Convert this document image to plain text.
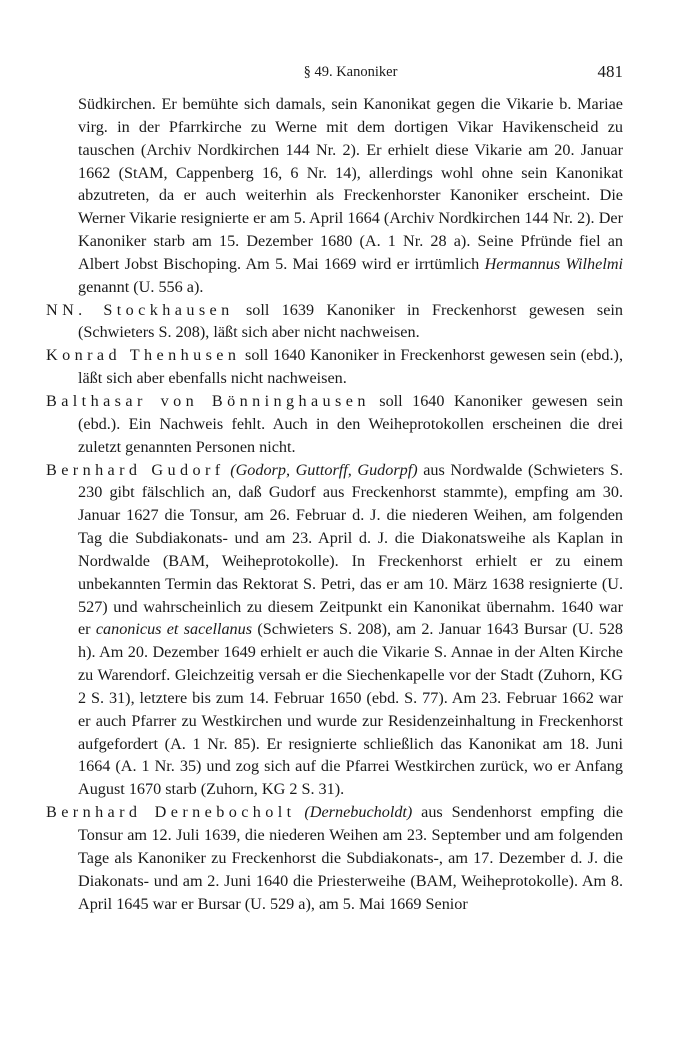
§ 49. Kanoniker	481

Südkirchen. Er bemühte sich damals, sein Kanonikat gegen die Vikarie b. Mariae virg. in der Pfarrkirche zu Werne mit dem dortigen Vikar Havikenscheid zu tauschen (Archiv Nordkirchen 144 Nr. 2). Er erhielt diese Vikarie am 20. Januar 1662 (StAM, Cappenberg 16, 6 Nr. 14), allerdings wohl ohne sein Kanonikat abzutreten, da er auch weiterhin als Freckenhorster Kanoniker erscheint. Die Werner Vikarie resignierte er am 5. April 1664 (Archiv Nordkirchen 144 Nr. 2). Der Kanoniker starb am 15. Dezember 1680 (A. 1 Nr. 28 a). Seine Pfründe fiel an Albert Jobst Bischoping. Am 5. Mai 1669 wird er irrtümlich Hermannus Wilhelmi genannt (U. 556 a).

NN. Stockhausen soll 1639 Kanoniker in Freckenhorst gewesen sein (Schwieters S. 208), läßt sich aber nicht nachweisen.

Konrad Thenhusen soll 1640 Kanoniker in Freckenhorst gewesen sein (ebd.), läßt sich aber ebenfalls nicht nachweisen.

Balthasar von Bönninghausen soll 1640 Kanoniker gewesen sein (ebd.). Ein Nachweis fehlt. Auch in den Weiheprotokollen erscheinen die drei zuletzt genannten Personen nicht.

Bernhard Gudorf (Godorp, Guttorff, Gudorpf) aus Nordwalde (Schwieters S. 230 gibt fälschlich an, daß Gudorf aus Freckenhorst stammte), empfing am 30. Januar 1627 die Tonsur, am 26. Februar d. J. die niederen Weihen, am folgenden Tag die Subdiakonats- und am 23. April d. J. die Diakonatsweihe als Kaplan in Nordwalde (BAM, Weiheprotokolle). In Freckenhorst erhielt er zu einem unbekannten Termin das Rektorat S. Petri, das er am 10. März 1638 resignierte (U. 527) und wahrscheinlich zu diesem Zeitpunkt ein Kanonikat übernahm. 1640 war er canonicus et sacellanus (Schwieters S. 208), am 2. Januar 1643 Bursar (U. 528 h). Am 20. Dezember 1649 erhielt er auch die Vikarie S. Annae in der Alten Kirche zu Warendorf. Gleichzeitig versah er die Siechenkapelle vor der Stadt (Zuhorn, KG 2 S. 31), letztere bis zum 14. Februar 1650 (ebd. S. 77). Am 23. Februar 1662 war er auch Pfarrer zu Westkirchen und wurde zur Residenzeinhaltung in Freckenhorst aufgefordert (A. 1 Nr. 85). Er resignierte schließlich das Kanonikat am 18. Juni 1664 (A. 1 Nr. 35) und zog sich auf die Pfarrei Westkirchen zurück, wo er Anfang August 1670 starb (Zuhorn, KG 2 S. 31).

Bernhard Dernebocholt (Dernebucholdt) aus Sendenhorst empfing die Tonsur am 12. Juli 1639, die niederen Weihen am 23. September und am folgenden Tage als Kanoniker zu Freckenhorst die Subdiakonats-, am 17. Dezember d. J. die Diakonats- und am 2. Juni 1640 die Priesterweihe (BAM, Weiheprotokolle). Am 8. April 1645 war er Bursar (U. 529 a), am 5. Mai 1669 Senior
